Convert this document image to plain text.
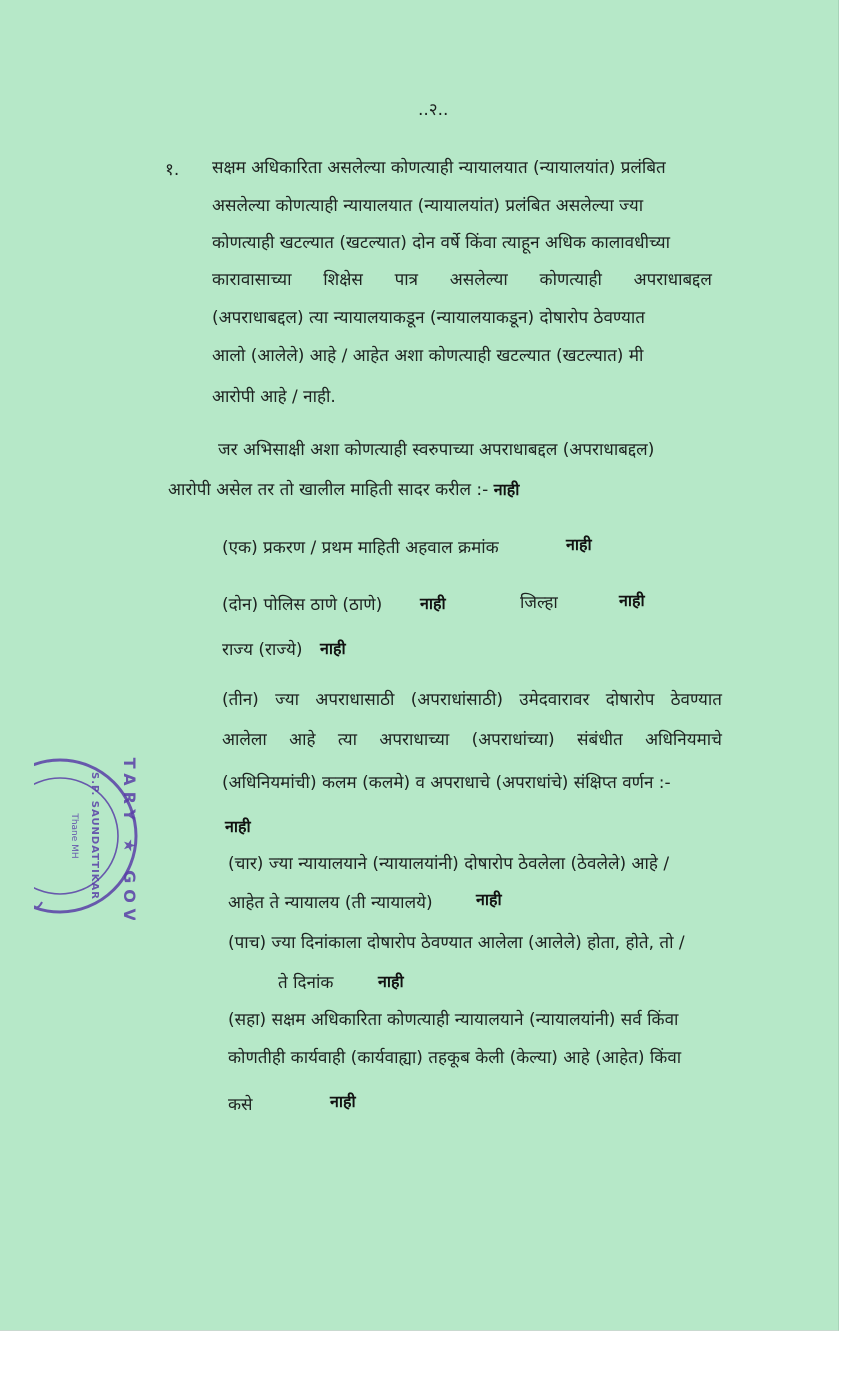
..२..
१. सक्षम अधिकारिता असलेल्या कोणत्याही न्यायालयात (न्यायालयांत) प्रलंबित
असलेल्या कोणत्याही न्यायालयात (न्यायालयांत) प्रलंबित असलेल्या ज्या
कोणत्याही खटल्यात (खटल्यात) दोन वर्षे किंवा त्याहून अधिक कालावधीच्या
कारावासाच्या शिक्षेस पात्र असलेल्या कोणत्याही अपराधाबद्दल
(अपराधाबद्दल) त्या न्यायालयाकडून (न्यायालयाकडून) दोषारोप ठेवण्यात
आलो (आलेले) आहे / आहेत अशा कोणत्याही खटल्यात (खटल्यात) मी
आरोपी आहे / नाही.
जर अभिसाक्षी अशा कोणत्याही स्वरुपाच्या अपराधाबद्दल (अपराधाबद्दल)
आरोपी असेल तर तो खालील माहिती सादर करील :- नाही
(एक) प्रकरण / प्रथम माहिती अहवाल क्रमांक	नाही
(दोन) पोलिस ठाणे (ठाणे) नाही	जिल्हा	नाही
राज्य (राज्ये) नाही
(तीन) ज्या अपराधासाठी (अपराधांसाठी) उमेदवारावर दोषारोप ठेवण्यात
आलेला आहे त्या अपराधाच्या (अपराधांच्या) संबंधीत अधिनियमाचे
(अधिनियमांची) कलम (कलमे) व अपराधाचे (अपराधांचे) संक्षिप्त वर्णन :-
नाही
(चार) ज्या न्यायालयाने (न्यायालयांनी) दोषारोप ठेवलेला (ठेवलेले) आहे /
आहेत ते न्यायालय (ती न्यायालये)	नाही
(पाच) ज्या दिनांकाला दोषारोप ठेवण्यात आलेला (आलेले) होता, होते, तो /
ते दिनांक	नाही
(सहा) सक्षम अधिकारिता कोणत्याही न्यायालयाने (न्यायालयांनी) सर्व किंवा
कोणतीही कार्यवाही (कार्यवाह्या) तहकूब केली (केल्या) आहे (आहेत) किंवा
कसे	नाही
NOTARY ★ GOVT.
S.P. SAUNDATTIKAR
Thane MH
